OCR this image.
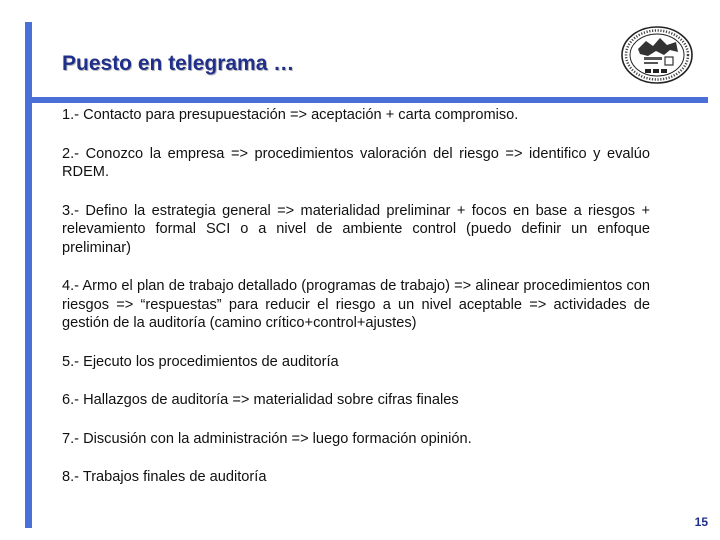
Puesto en telegrama …

1.- Contacto para presupuestación => aceptación + carta compromiso.

2.- Conozco la empresa => procedimientos valoración del riesgo => identifico y evalúo RDEM.

3.- Defino la estrategia general => materialidad preliminar + focos en base a riesgos + relevamiento formal SCI o a nivel de ambiente control (puedo definir un enfoque preliminar)

4.- Armo el plan de trabajo detallado (programas de trabajo) => alinear procedimientos con riesgos => “respuestas” para reducir el riesgo a un nivel aceptable => actividades de gestión de la auditoría (camino crítico+control+ajustes)

5.- Ejecuto los procedimientos de auditoría

6.- Hallazgos de auditoría => materialidad sobre cifras finales

7.- Discusión con la administración => luego formación opinión.

8.- Trabajos finales de auditoría

15
